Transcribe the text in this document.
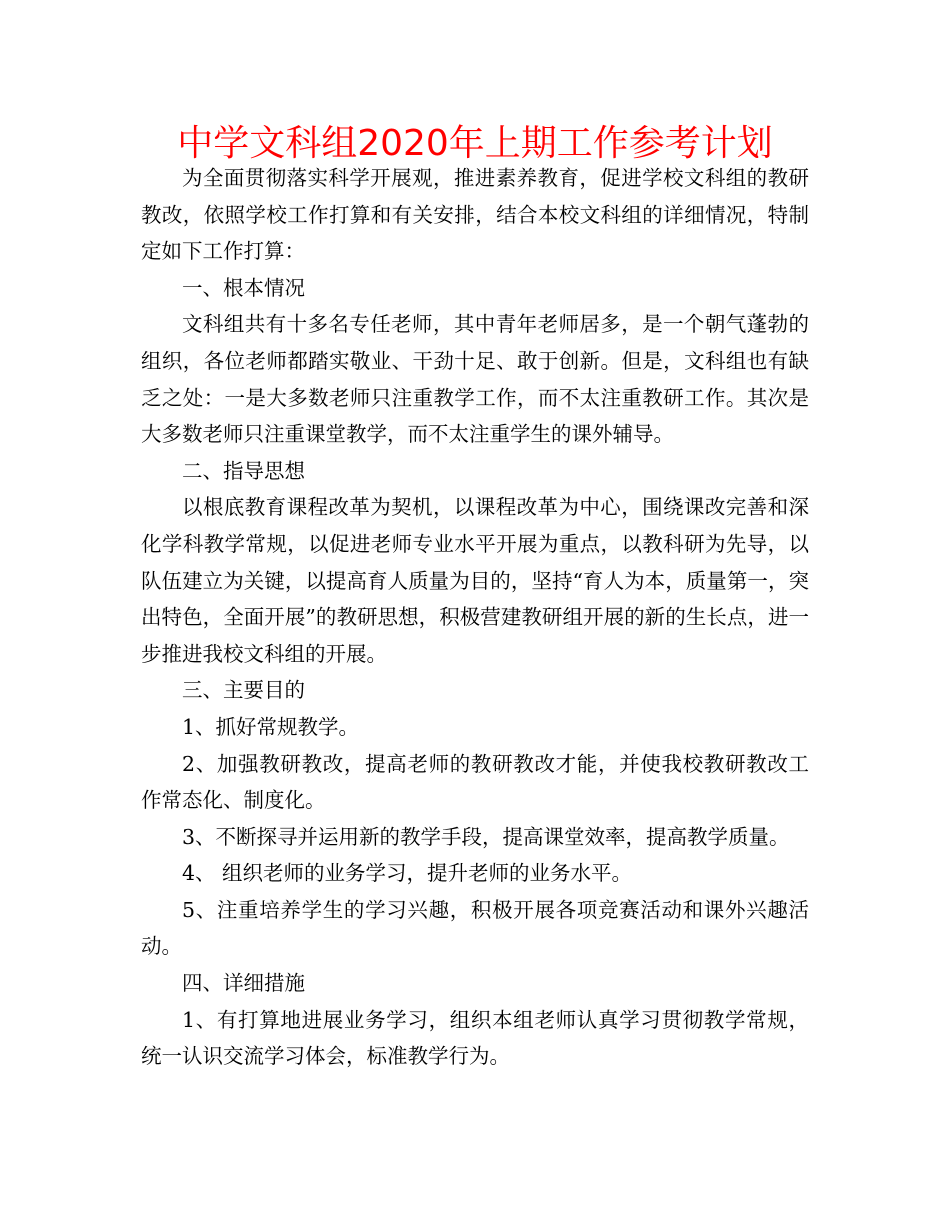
中学文科组2020年上期工作参考计划

为全面贯彻落实科学开展观，推进素养教育，促进学校文科组的教研教改，依照学校工作打算和有关安排，结合本校文科组的详细情况，特制定如下工作打算：

一、根本情况

文科组共有十多名专任老师，其中青年老师居多，是一个朝气蓬勃的组织，各位老师都踏实敬业、干劲十足、敢于创新。但是，文科组也有缺乏之处：一是大多数老师只注重教学工作，而不太注重教研工作。其次是大多数老师只注重课堂教学，而不太注重学生的课外辅导。

二、指导思想

以根底教育课程改革为契机，以课程改革为中心，围绕课改完善和深化学科教学常规，以促进老师专业水平开展为重点，以教科研为先导，以队伍建立为关键，以提高育人质量为目的，坚持“育人为本，质量第一，突出特色，全面开展”的教研思想，积极营建教研组开展的新的生长点，进一步推进我校文科组的开展。

三、主要目的

1、抓好常规教学。

2、加强教研教改，提高老师的教研教改才能，并使我校教研教改工作常态化、制度化。

3、不断探寻并运用新的教学手段，提高课堂效率，提高教学质量。

4、 组织老师的业务学习，提升老师的业务水平。

5、注重培养学生的学习兴趣，积极开展各项竞赛活动和课外兴趣活动。

四、详细措施

1、有打算地进展业务学习，组织本组老师认真学习贯彻教学常规，统一认识交流学习体会，标准教学行为。
